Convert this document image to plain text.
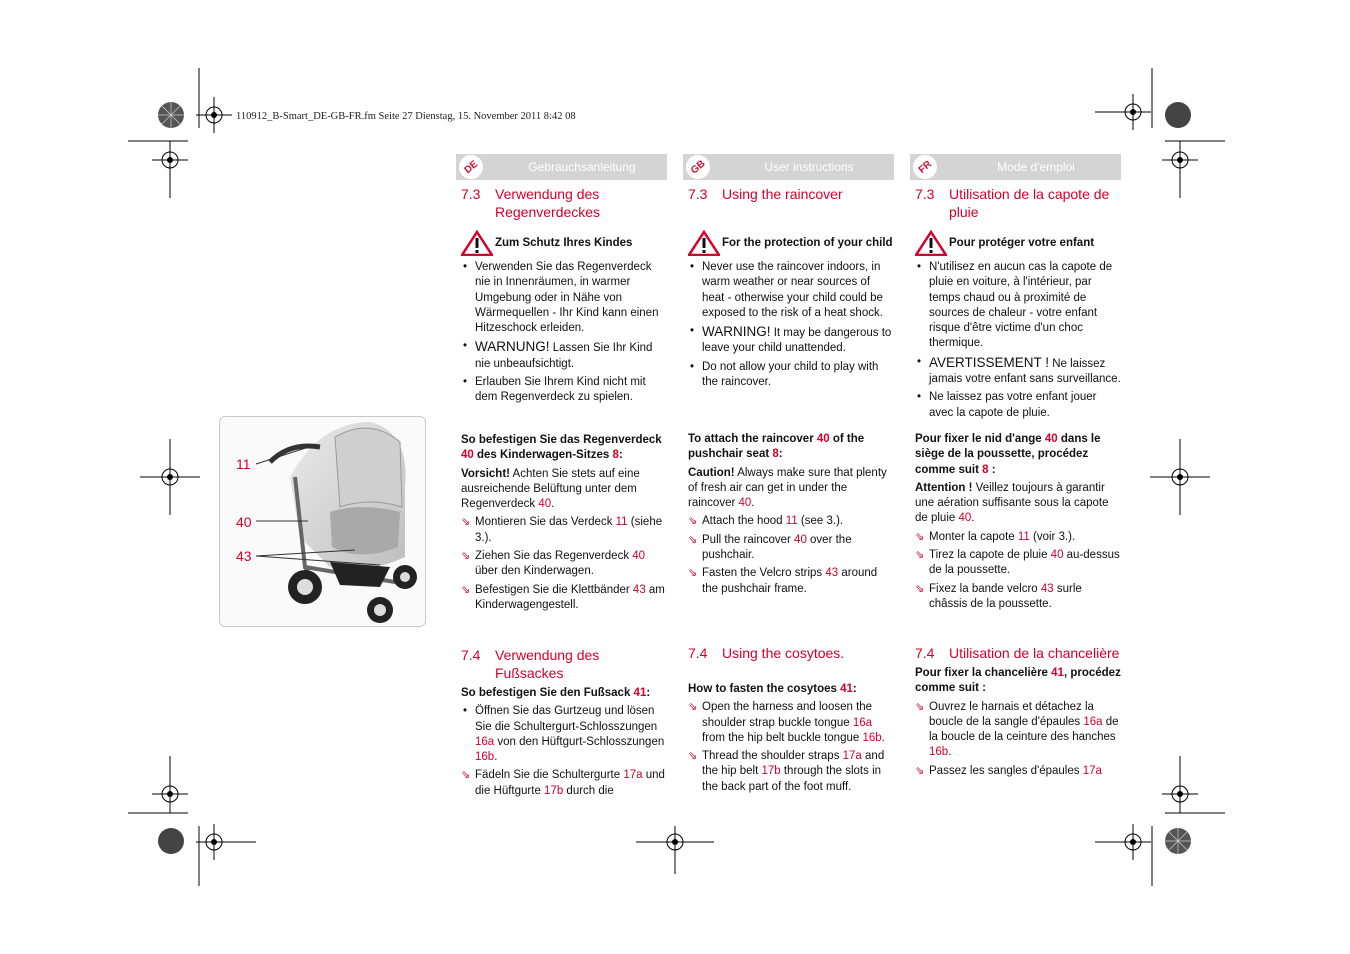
110912_B-Smart_DE-GB-FR.fm Seite 27 Dienstag, 15. November 2011 8:42 08
11
40
43
DE	Gebrauchsanleitung
7.3	Verwendung des Regenverdeckes
Zum Schutz Ihres Kindes
• Verwenden Sie das Regenverdeck nie in Innenräumen, in warmer Umgebung oder in Nähe von Wärmequellen - Ihr Kind kann einen Hitzeschock erleiden.
• WARNUNG! Lassen Sie Ihr Kind nie unbeaufsichtigt.
• Erlauben Sie Ihrem Kind nicht mit dem Regenverdeck zu spielen.
So befestigen Sie das Regenverdeck 40 des Kinderwagen-Sitzes 8:
Vorsicht! Achten Sie stets auf eine ausreichende Belüftung unter dem Regenverdeck 40.
⇘ Montieren Sie das Verdeck 11 (siehe 3.).
⇘ Ziehen Sie das Regenverdeck 40 über den Kinderwagen.
⇘ Befestigen Sie die Klettbänder 43 am Kinderwagengestell.
7.4	Verwendung des Fußsackes
So befestigen Sie den Fußsack 41:
• Öffnen Sie das Gurtzeug und lösen Sie die Schultergurt-Schlosszungen 16a von den Hüftgurt-Schlosszungen 16b.
⇘ Fädeln Sie die Schultergurte 17a und die Hüftgurte 17b durch die
GB	User instructions
7.3	Using the raincover
For the protection of your child
• Never use the raincover indoors, in warm weather or near sources of heat - otherwise your child could be exposed to the risk of a heat shock.
• WARNING! It may be dangerous to leave your child unattended.
• Do not allow your child to play with the raincover.
To attach the raincover 40 of the pushchair seat 8:
Caution! Always make sure that plenty of fresh air can get in under the raincover 40.
⇘ Attach the hood 11 (see 3.).
⇘ Pull the raincover 40 over the pushchair.
⇘ Fasten the Velcro strips 43 around the pushchair frame.
7.4	Using the cosytoes.
How to fasten the cosytoes 41:
⇘ Open the harness and loosen the shoulder strap buckle tongue 16a from the hip belt buckle tongue 16b.
⇘ Thread the shoulder straps 17a and the hip belt 17b through the slots in the back part of the foot muff.
FR	Mode d'emploi
7.3	Utilisation de la capote de pluie
Pour protéger votre enfant
• N'utilisez en aucun cas la capote de pluie en voiture, à l'intérieur, par temps chaud ou à proximité de sources de chaleur - votre enfant risque d'être victime d'un choc thermique.
• AVERTISSEMENT ! Ne laissez jamais votre enfant sans surveillance.
• Ne laissez pas votre enfant jouer avec la capote de pluie.
Pour fixer le nid d'ange 40 dans le siège de la poussette, procédez comme suit 8 :
Attention ! Veillez toujours à garantir une aération suffisante sous la capote de pluie 40.
⇘ Monter la capote 11 (voir 3.).
⇘ Tirez la capote de pluie 40 au-dessus de la poussette.
⇘ Fixez la bande velcro 43 surle châssis de la poussette.
7.4	Utilisation de la chancelière
Pour fixer la chancelière 41, procédez comme suit :
⇘ Ouvrez le harnais et détachez la boucle de la sangle d'épaules 16a de la boucle de la ceinture des hanches 16b.
⇘ Passez les sangles d'épaules 17a
